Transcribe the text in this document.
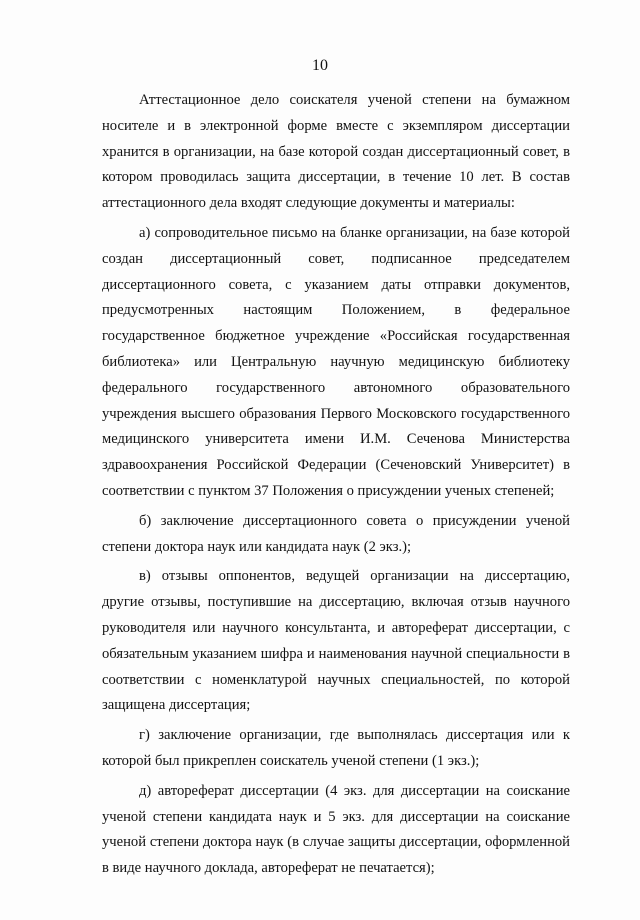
10

Аттестационное дело соискателя ученой степени на бумажном носителе и в электронной форме вместе с экземпляром диссертации хранится в организации, на базе которой создан диссертационный совет, в котором проводилась защита диссертации, в течение 10 лет. В состав аттестационного дела входят следующие документы и материалы:

а) сопроводительное письмо на бланке организации, на базе которой создан диссертационный совет, подписанное председателем диссертационного совета, с указанием даты отправки документов, предусмотренных настоящим Положением, в федеральное государственное бюджетное учреждение «Российская государственная библиотека» или Центральную научную медицинскую библиотеку федерального государственного автономного образовательного учреждения высшего образования Первого Московского государственного медицинского университета имени И.М. Сеченова Министерства здравоохранения Российской Федерации (Сеченовский Университет) в соответствии с пунктом 37 Положения о присуждении ученых степеней;

б) заключение диссертационного совета о присуждении ученой степени доктора наук или кандидата наук (2 экз.);

в) отзывы оппонентов, ведущей организации на диссертацию, другие отзывы, поступившие на диссертацию, включая отзыв научного руководителя или научного консультанта, и автореферат диссертации, с обязательным указанием шифра и наименования научной специальности в соответствии с номенклатурой научных специальностей, по которой защищена диссертация;

г) заключение организации, где выполнялась диссертация или к которой был прикреплен соискатель ученой степени (1 экз.);

д) автореферат диссертации (4 экз. для диссертации на соискание ученой степени кандидата наук и 5 экз. для диссертации на соискание ученой степени доктора наук (в случае защиты диссертации, оформленной в виде научного доклада, автореферат не печатается);
